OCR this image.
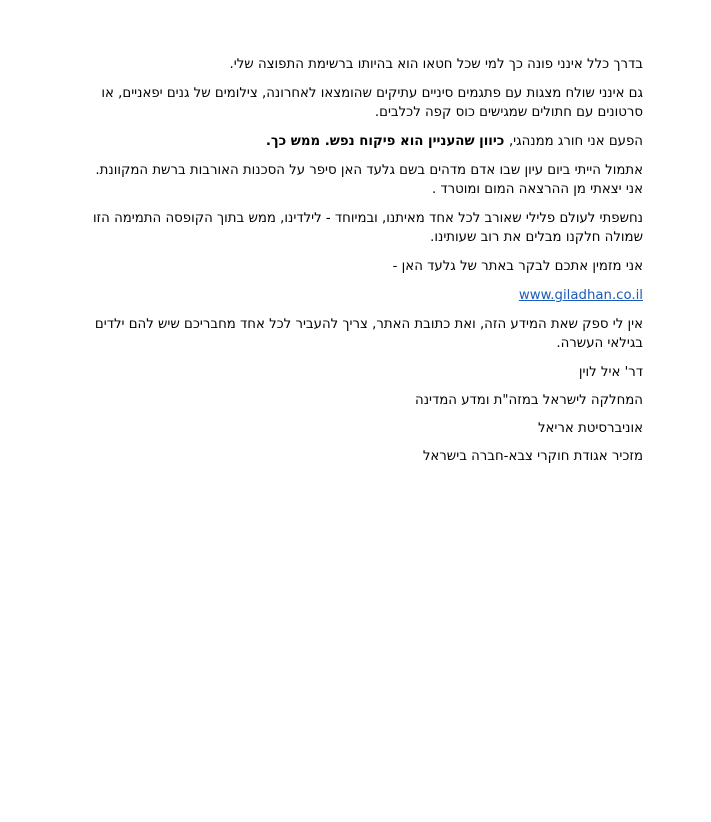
בדרך כלל אינני פונה כך למי שכל חטאו הוא בהיותו ברשימת התפוצה שלי.

גם אינני שולח מצגות עם פתגמים סיניים עתיקים שהומצאו לאחרונה, צילומים של גנים יפאניים, או סרטונים עם חתולים שמגישים כוס קפה לכלבים.

הפעם אני חורג ממנהגי, כיוון שהעניין הוא פיקוח נפש. ממש כך.

אתמול הייתי ביום עיון שבו אדם מדהים בשם גלעד האן סיפר על הסכנות האורבות ברשת המקוונת.
אני יצאתי מן ההרצאה המום ומוטרד .

נחשפתי לעולם פלילי שאורב לכל אחד מאיתנו, ובמיוחד - לילדינו, ממש בתוך הקופסה התמימה הזו שמולה חלקנו מבלים את רוב שעותינו.

אני מזמין אתכם לבקר באתר של גלעד האן -

www.giladhan.co.il

אין לי ספק שאת המידע הזה, ואת כתובת האתר, צריך להעביר לכל אחד מחבריכם שיש להם ילדים בגילאי העשרה.

דר' איל לוין

המחלקה לישראל במזה"ת ומדע המדינה

אוניברסיטת אריאל

מזכיר אגודת חוקרי צבא-חברה בישראל
